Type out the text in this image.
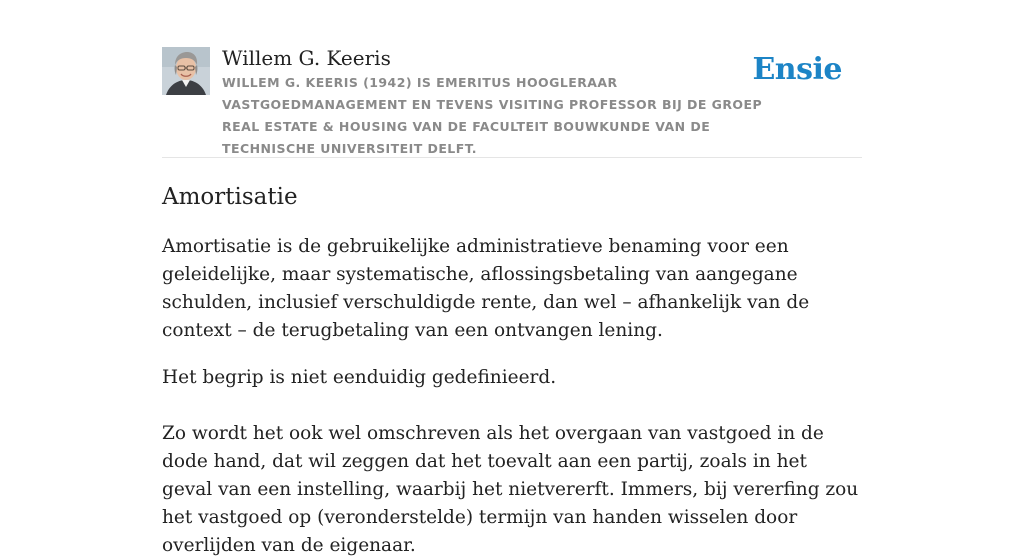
Willem G. Keeris
WILLEM G. KEERIS (1942) IS EMERITUS HOOGLERAAR VASTGOEDMANAGEMENT EN TEVENS VISITING PROFESSOR BIJ DE GROEP REAL ESTATE & HOUSING VAN DE FACULTEIT BOUWKUNDE VAN DE TECHNISCHE UNIVERSITEIT DELFT.
Ensie
Amortisatie

Amortisatie is de gebruikelijke administratieve benaming voor een geleidelijke, maar systematische, aflossingsbetaling van aangegane schulden, inclusief verschuldigde rente, dan wel – afhankelijk van de context – de terugbetaling van een ontvangen lening.

Het begrip is niet eenduidig gedefinieerd.

Zo wordt het ook wel omschreven als het overgaan van vastgoed in de dode hand, dat wil zeggen dat het toevalt aan een partij, zoals in het geval van een instelling, waarbij het nietvererft. Immers, bij vererfing zou het vastgoed op (veronderstelde) termijn van handen wisselen door overlijden van de eigenaar.
